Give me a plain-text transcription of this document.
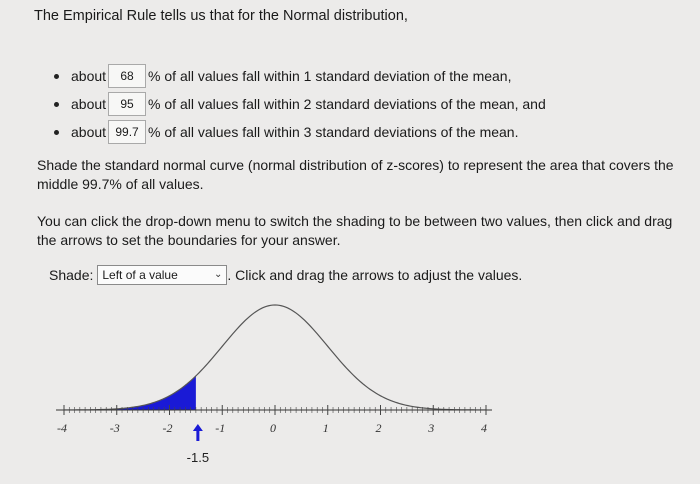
The Empirical Rule tells us that for the Normal distribution,
about	68	% of all values fall within 1 standard deviation of the mean,
about	95	% of all values fall within 2 standard deviations of the mean, and
about 99.7 % of all values fall within 3 standard deviations of the mean.
Shade the standard normal curve (normal distribution of z-scores) to represent the area that covers the middle 99.7% of all values.
You can click the drop-down menu to switch the shading to be between two values, then click and drag the arrows to set the boundaries for your answer.
Shade: Left of a value	⌄ . Click and drag the arrows to adjust the values.
-4	-3	-2	-1	0	1	2	3	4
-1.5
